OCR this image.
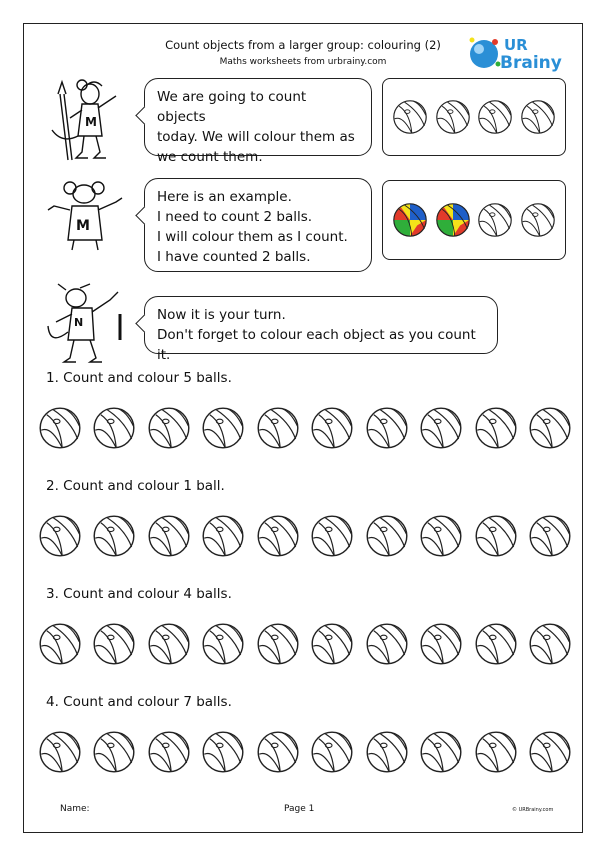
Count objects from a larger group: colouring (2)
Maths worksheets from urbrainy.com
UR
Brainy
M
We are going to count objects
today. We will colour them as
we count them.
M
Here is an example.
I need to count 2 balls.
I will colour them as I count.
I have counted 2 balls.
N	Now it is your turn.
Don't forget to colour each object as you count it.
1. Count and colour 5 balls.
2. Count and colour 1 ball.
3. Count and colour 4 balls.
4. Count and colour 7 balls.
Name:	Page 1	© URBrainy.com
